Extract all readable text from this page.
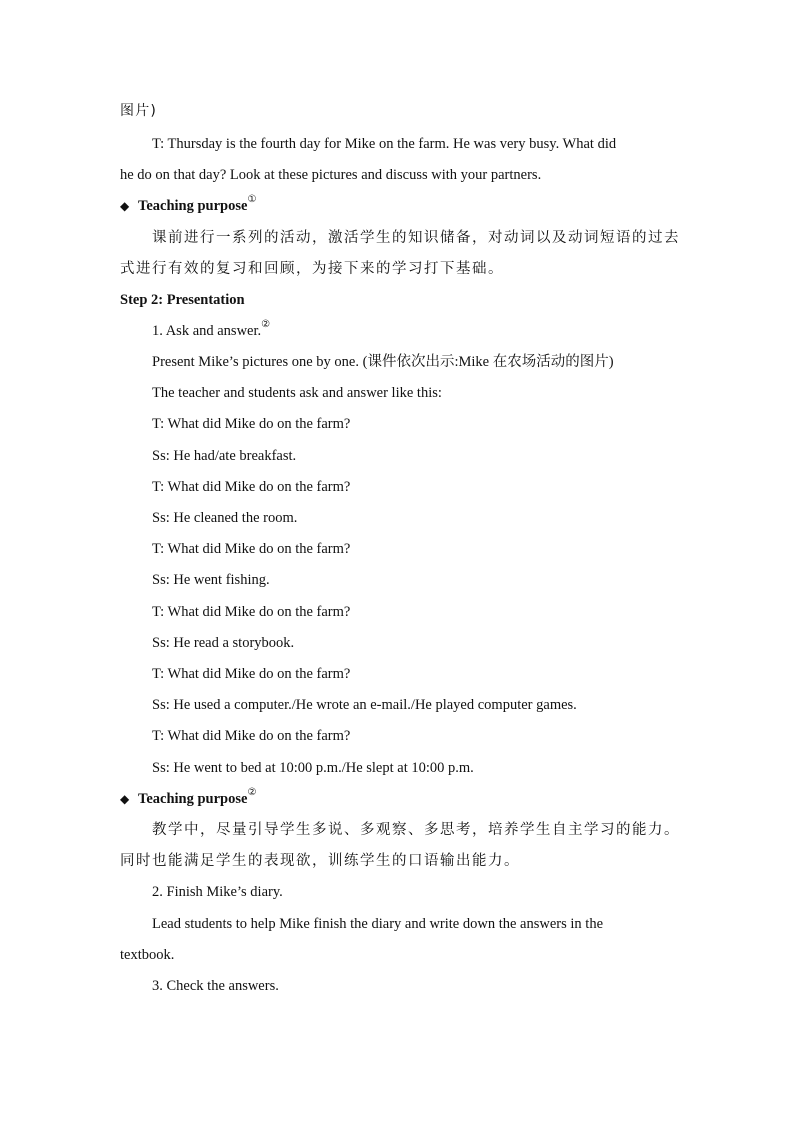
图片)
T: Thursday is the fourth day for Mike on the farm. He was very busy. What did
he do on that day? Look at these pictures and discuss with your partners.
◆ Teaching purpose①
课前进行一系列的活动，激活学生的知识储备，对动词以及动词短语的过去
式进行有效的复习和回顾，为接下来的学习打下基础。
Step 2: Presentation
1. Ask and answer.②
Present Mike’s pictures one by one. (课件依次出示:Mike 在农场活动的图片)
The teacher and students ask and answer like this:
T: What did Mike do on the farm?
Ss: He had/ate breakfast.
T: What did Mike do on the farm?
Ss: He cleaned the room.
T: What did Mike do on the farm?
Ss: He went fishing.
T: What did Mike do on the farm?
Ss: He read a storybook.
T: What did Mike do on the farm?
Ss: He used a computer./He wrote an e-mail./He played computer games.
T: What did Mike do on the farm?
Ss: He went to bed at 10:00 p.m./He slept at 10:00 p.m.
◆ Teaching purpose②
教学中，尽量引导学生多说、多观察、多思考，培养学生自主学习的能力。
同时也能满足学生的表现欲，训练学生的口语输出能力。
2. Finish Mike’s diary.
Lead students to help Mike finish the diary and write down the answers in the
textbook.
3. Check the answers.
